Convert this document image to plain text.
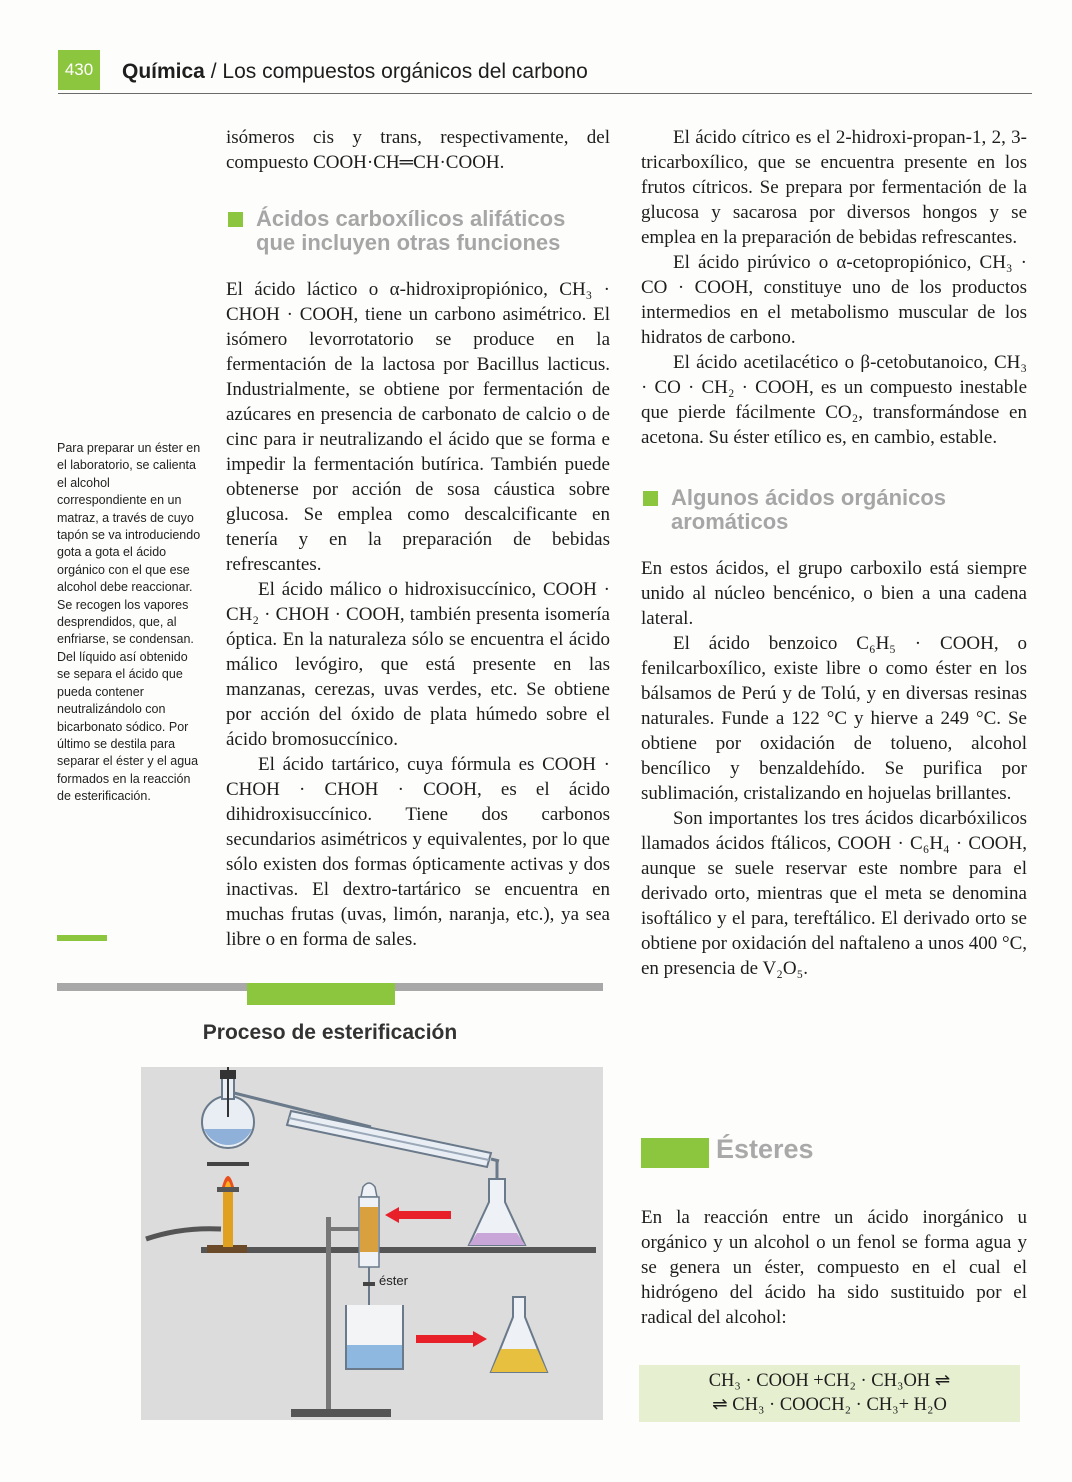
430	Química / Los compuestos orgánicos del carbono

isómeros cis y trans, respectivamente, del compuesto COOH·CH═CH·COOH.

Ácidos carboxílicos alifáticos
que incluyen otras funciones

El ácido láctico o α-hidroxipropiónico, CH₃ · CHOH · COOH, tiene un carbono asimétrico. El isómero levorrotatorio se produce en la fermentación de la lactosa por Bacillus lacticus. Industrialmente, se obtiene por fermentación de azúcares en presencia de carbonato de calcio o de cinc para ir neutralizando el ácido que se forma e impedir la fermentación butírica. También puede obtenerse por acción de sosa cáustica sobre glucosa. Se emplea como descalcificante en tenería y en la preparación de bebidas refrescantes.

El ácido málico o hidroxisuccínico, COOH · CH₂ · CHOH · COOH, también presenta isomería óptica. En la naturaleza sólo se encuentra el ácido málico levógiro, que está presente en las manzanas, cerezas, uvas verdes, etc. Se obtiene por acción del óxido de plata húmedo sobre el ácido bromosuccínico.

El ácido tartárico, cuya fórmula es COOH · CHOH · CHOH · COOH, es el ácido dihidroxisuccínico. Tiene dos carbonos secundarios asimétricos y equivalentes, por lo que sólo existen dos formas ópticamente activas y dos inactivas. El dextro-tartárico se encuentra en muchas frutas (uvas, limón, naranja, etc.), ya sea libre o en forma de sales.

Para preparar un éster en el laboratorio, se calienta el alcohol correspondiente en un matraz, a través de cuyo tapón se va introduciendo gota a gota el ácido orgánico con el que ese alcohol debe reaccionar. Se recogen los vapores desprendidos, que, al enfriarse, se condensan. Del líquido así obtenido se separa el ácido que pueda contener neutralizándolo con bicarbonato sódico. Por último se destila para separar el éster y el agua formados en la reacción de esterificación.
Proceso de esterificación
éster

El ácido cítrico es el 2-hidroxi-propan-1, 2, 3-tricarboxílico, que se encuentra presente en los frutos cítricos. Se prepara por fermentación de la glucosa y sacarosa por diversos hongos y se emplea en la preparación de bebidas refrescantes.

El ácido pirúvico o α-cetopropiónico, CH₃ · CO · COOH, constituye uno de los productos intermedios en el metabolismo muscular de los hidratos de carbono.

El ácido acetilacético o β-cetobutanoico, CH₃ · CO · CH₂ · COOH, es un compuesto inestable que pierde fácilmente CO₂, transformándose en acetona. Su éster etílico es, en cambio, estable.

Algunos ácidos orgánicos
aromáticos

En estos ácidos, el grupo carboxilo está siempre unido al núcleo bencénico, o bien a una cadena lateral.

El ácido benzoico C₆H₅ · COOH, o fenilcarboxílico, existe libre o como éster en los bálsamos de Perú y de Tolú, y en diversas resinas naturales. Funde a 122 °C y hierve a 249 °C. Se obtiene por oxidación de tolueno, alcohol bencílico y benzaldehído. Se purifica por sublimación, cristalizando en hojuelas brillantes.

Son importantes los tres ácidos dicarbóxilicos llamados ácidos ftálicos, COOH · C₆H₄ · COOH, aunque se suele reservar este nombre para el derivado orto, mientras que el meta se denomina isoftálico y el para, tereftálico. El derivado orto se obtiene por oxidación del naftaleno a unos 400 °C, en presencia de V₂O₅.

Ésteres

En la reacción entre un ácido inorgánico u orgánico y un alcohol o un fenol se forma agua y se genera un éster, compuesto en el cual el hidrógeno del ácido ha sido sustituido por el radical del alcohol:

CH₃ · COOH +CH₂ · CH₃OH ⇌
⇌ CH₃ · COOCH₂ · CH₃+ H₂O
